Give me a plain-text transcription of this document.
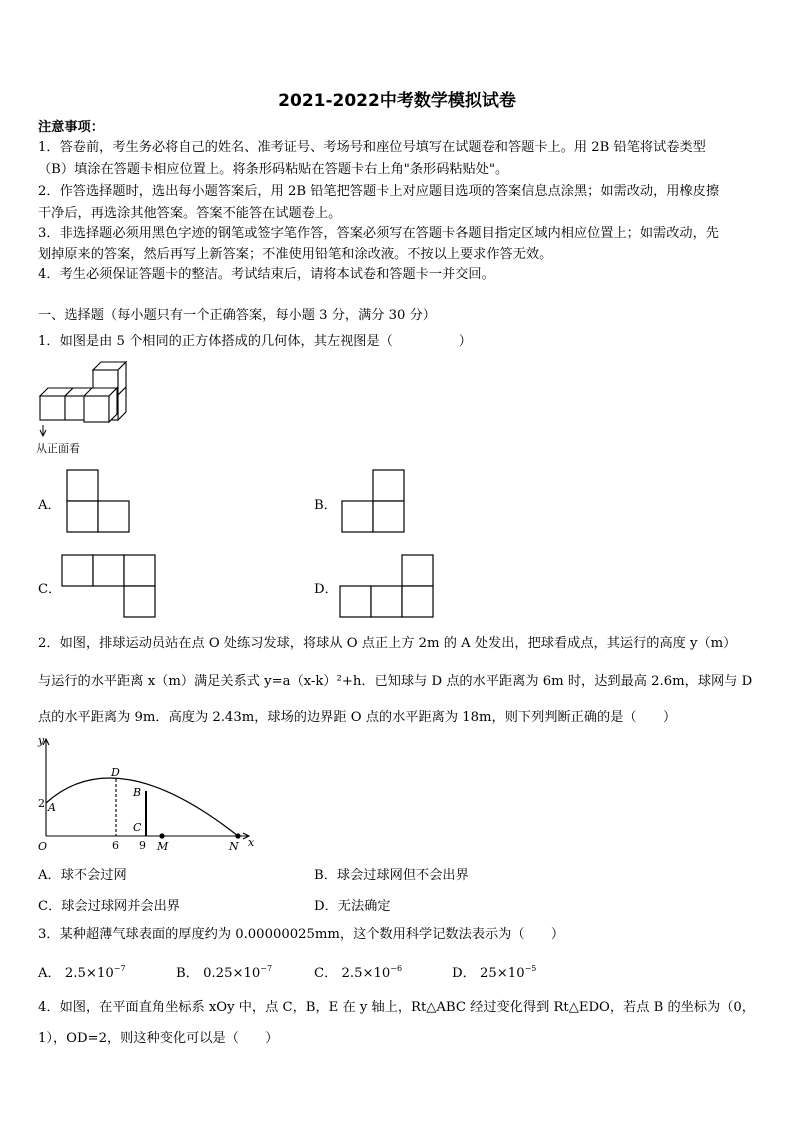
2021-2022中考数学模拟试卷
注意事项：
1．答卷前，考生务必将自己的姓名、准考证号、考场号和座位号填写在试题卷和答题卡上。用 2B 铅笔将试卷类型
（B）填涂在答题卡相应位置上。将条形码粘贴在答题卡右上角"条形码粘贴处"。
2．作答选择题时，选出每小题答案后，用 2B 铅笔把答题卡上对应题目选项的答案信息点涂黑；如需改动，用橡皮擦
干净后，再选涂其他答案。答案不能答在试题卷上。
3．非选择题必须用黑色字迹的钢笔或签字笔作答，答案必须写在答题卡各题目指定区域内相应位置上；如需改动，先
划掉原来的答案，然后再写上新答案；不准使用铅笔和涂改液。不按以上要求作答无效。
4．考生必须保证答题卡的整洁。考试结束后，请将本试卷和答题卡一并交回。
一、选择题（每小题只有一个正确答案，每小题 3 分，满分 30 分）
1．如图是由 5 个相同的正方体搭成的几何体，其左视图是（　　　　　）
从正面看
A．	B．
C．	D．
2．如图，排球运动员站在点 O 处练习发球，将球从 O 点正上方 2m 的 A 处发出，把球看成点，其运行的高度 y（m）
与运行的水平距离 x（m）满足关系式 y=a（x-k）²+h．已知球与 D 点的水平距离为 6m 时，达到最高 2.6m，球网与 D
点的水平距离为 9m．高度为 2.43m，球场的边界距 O 点的水平距离为 18m，则下列判断正确的是（　　）
y
x
O
A
D
B
C
M	N
2
6 9
A．球不会过网	B．球会过球网但不会出界
C．球会过球网并会出界	D．无法确定
3．某种超薄气球表面的厚度约为 0.00000025mm，这个数用科学记数法表示为（　　）
A． $2.5\times 10^{-7}$	B． $0.25\times 10^{-7}$	C． $2.5\times 10^{-6}$	D． $25\times 10^{-5}$
4．如图，在平面直角坐标系 xOy 中，点 C，B，E 在 y 轴上，Rt△ABC 经过变化得到 Rt△EDO，若点 B 的坐标为（0，
1），OD=2，则这种变化可以是（　　）
